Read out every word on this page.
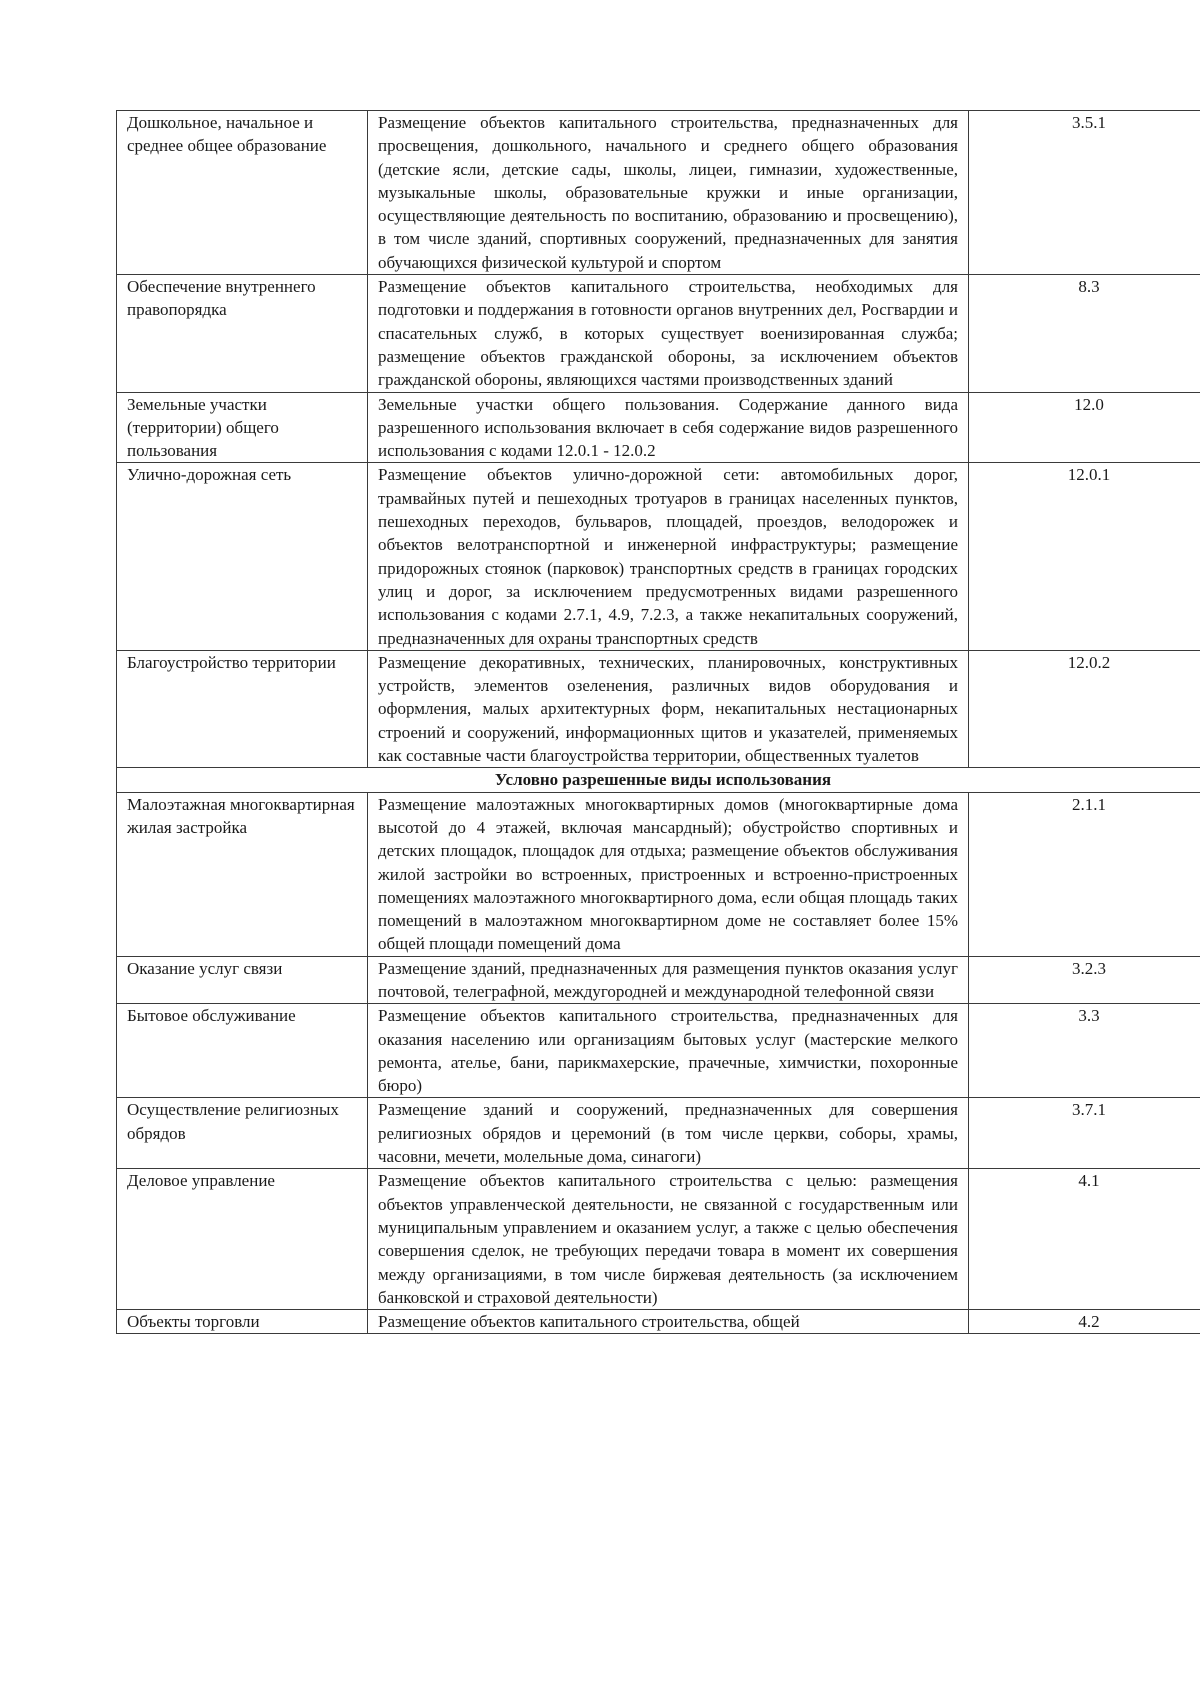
Дошкольное, начальное и среднее общее образование	Размещение объектов капитального строительства, предназначенных для просвещения, дошкольного, начального и среднего общего образования (детские ясли, детские сады, школы, лицеи, гимназии, художественные, музыкальные школы, образовательные кружки и иные организации, осуществляющие деятельность по воспитанию, образованию и просвещению), в том числе зданий, спортивных сооружений, предназначенных для занятия обучающихся физической культурой и спортом	3.5.1
Обеспечение внутреннего правопорядка	Размещение объектов капитального строительства, необходимых для подготовки и поддержания в готовности органов внутренних дел, Росгвардии и спасательных служб, в которых существует военизированная служба; размещение объектов гражданской обороны, за исключением объектов гражданской обороны, являющихся частями производственных зданий	8.3
Земельные участки (территории) общего пользования	Земельные участки общего пользования. Содержание данного вида разрешенного использования включает в себя содержание видов разрешенного использования с кодами 12.0.1 - 12.0.2	12.0
Улично-дорожная сеть	Размещение объектов улично-дорожной сети: автомобильных дорог, трамвайных путей и пешеходных тротуаров в границах населенных пунктов, пешеходных переходов, бульваров, площадей, проездов, велодорожек и объектов велотранспортной и инженерной инфраструктуры; размещение придорожных стоянок (парковок) транспортных средств в границах городских улиц и дорог, за исключением предусмотренных видами разрешенного использования с кодами 2.7.1, 4.9, 7.2.3, а также некапитальных сооружений, предназначенных для охраны транспортных средств	12.0.1
Благоустройство территории	Размещение декоративных, технических, планировочных, конструктивных устройств, элементов озеленения, различных видов оборудования и оформления, малых архитектурных форм, некапитальных нестационарных строений и сооружений, информационных щитов и указателей, применяемых как составные части благоустройства территории, общественных туалетов	12.0.2
Условно разрешенные виды использования		
Малоэтажная многоквартирная жилая застройка	Размещение малоэтажных многоквартирных домов (многоквартирные дома высотой до 4 этажей, включая мансардный); обустройство спортивных и детских площадок, площадок для отдыха; размещение объектов обслуживания жилой застройки во встроенных, пристроенных и встроенно-пристроенных помещениях малоэтажного многоквартирного дома, если общая площадь таких помещений в малоэтажном многоквартирном доме не составляет более 15% общей площади помещений дома	2.1.1
Оказание услуг связи	Размещение зданий, предназначенных для размещения пунктов оказания услуг почтовой, телеграфной, междугородней и международной телефонной связи	3.2.3
Бытовое обслуживание	Размещение объектов капитального строительства, предназначенных для оказания населению или организациям бытовых услуг (мастерские мелкого ремонта, ателье, бани, парикмахерские, прачечные, химчистки, похоронные бюро)	3.3
Осуществление религиозных обрядов	Размещение зданий и сооружений, предназначенных для совершения религиозных обрядов и церемоний (в том числе церкви, соборы, храмы, часовни, мечети, молельные дома, синагоги)	3.7.1
Деловое управление	Размещение объектов капитального строительства с целью: размещения объектов управленческой деятельности, не связанной с государственным или муниципальным управлением и оказанием услуг, а также с целью обеспечения совершения сделок, не требующих передачи товара в момент их совершения между организациями, в том числе биржевая деятельность (за исключением банковской и страховой деятельности)	4.1
Объекты торговли	Размещение объектов капитального строительства, общей	4.2
